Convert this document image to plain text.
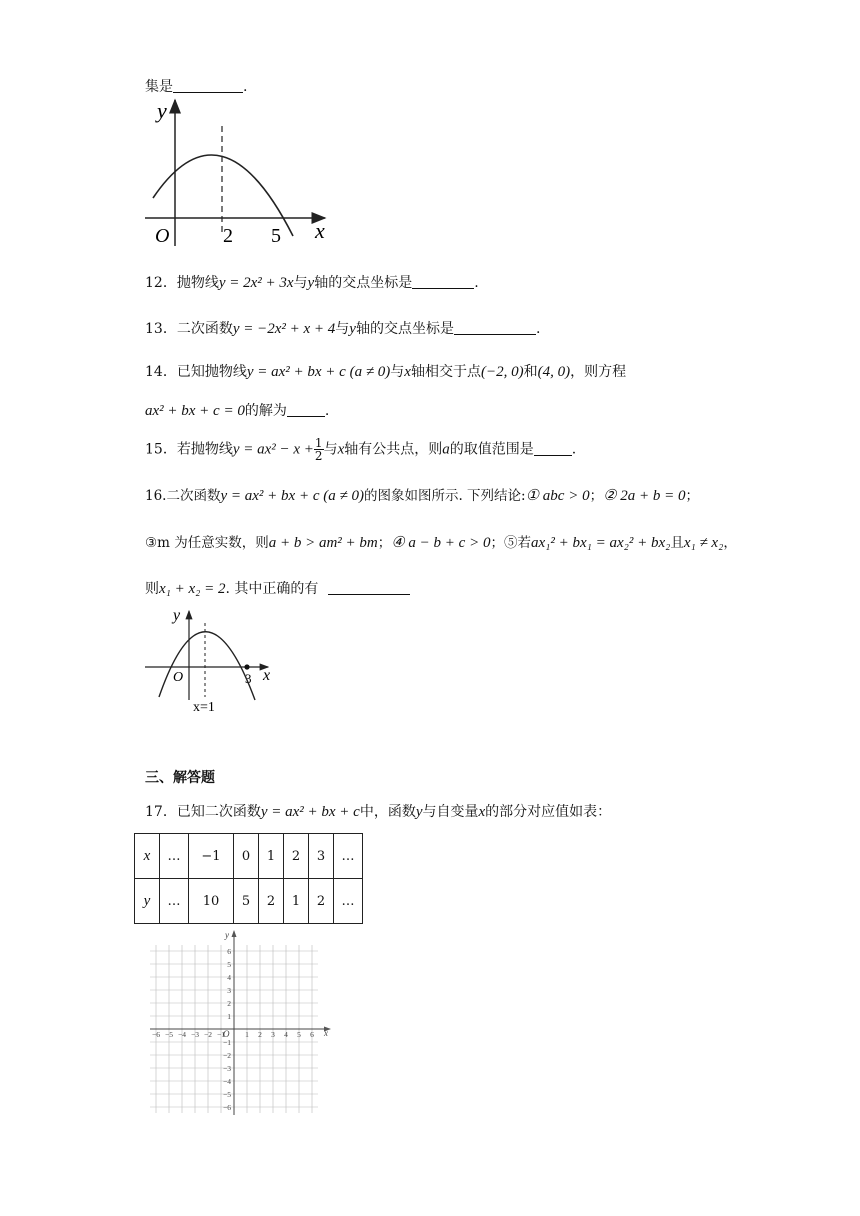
集是	.
y
x
O	2 5
12．抛物线y = 2x² + 3x与y轴的交点坐标是	.
13．二次函数y = −2x² + x + 4与y轴的交点坐标是	.
14．已知抛物线y = ax² + bx + c (a ≠ 0)与x轴相交于点(−2, 0)和(4, 0)，则方程
ax² + bx + c = 0的解为	.
15．若抛物线$y = ax^2 - x + \frac{1}{2}$ 与x轴有公共点，则a的取值范围是	.
16.二次函数y = ax² + bx + c (a ≠ 0)的图象如图所示. 下列结论:① abc > 0；② 2a + b = 0；
③m 为任意实数，则a + b > am² + bm；④ a − b + c > 0；⑤若ax₁² + bx₁ = ax₂² + bx₂且x₁ ≠ x₂，
则x₁ + x₂ = 2. 其中正确的有
y
x
O	3
x=1
三、解答题
17．已知二次函数y = ax² + bx + c中，函数y与自变量x的部分对应值如表：
x	…	−1	0	1	2	3	…
y	…	10	5	2	1	2	…
y
x
O
−6 −5 −4 −3 −2 −1	1 2 3 4 5 6
6
5
4
3
2
1
−1
−2
−3
−4
−5
−6
